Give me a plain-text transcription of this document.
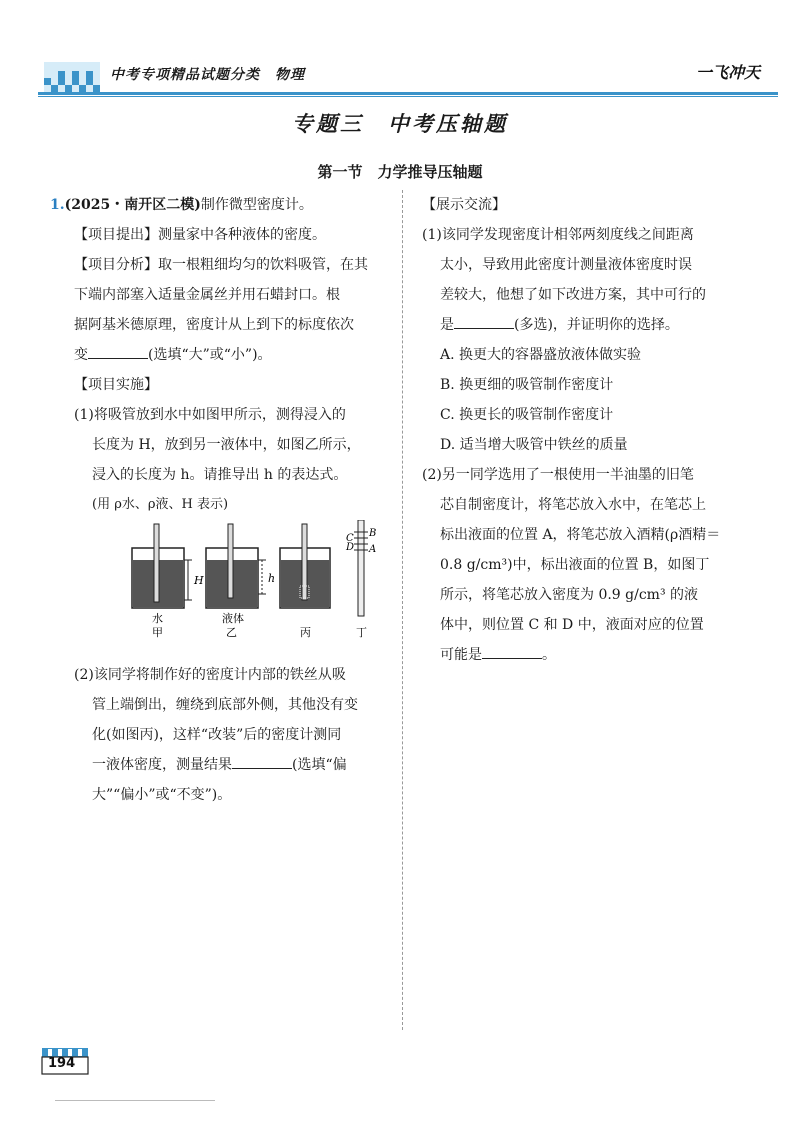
中考专项精品试题分类　物理	一飞冲天
专题三　中考压轴题
第一节　力学推导压轴题

1.(2025・南开区二模)制作微型密度计。

【项目提出】测量家中各种液体的密度。

【项目分析】取一根粗细均匀的饮料吸管，在其

下端内部塞入适量金属丝并用石蜡封口。根

据阿基米德原理，密度计从上到下的标度依次

变	(选填“大”或“小”)。

【项目实施】

(1)将吸管放到水中如图甲所示，测得浸入的

长度为 H，放到另一液体中，如图乙所示，

浸入的长度为 h。请推导出 h 的表达式。

(用 ρ水、ρ液、H 表示)

H
水
甲
h
液体
乙	丙
B
C
D A
丁

(2)该同学将制作好的密度计内部的铁丝从吸

管上端倒出，缠绕到底部外侧，其他没有变

化(如图丙)，这样“改装”后的密度计测同

一液体密度，测量结果	(选填“偏

大”“偏小”或“不变”)。

【展示交流】

(1)该同学发现密度计相邻两刻度线之间距离

太小，导致用此密度计测量液体密度时误

差较大，他想了如下改进方案，其中可行的

是	(多选)，并证明你的选择。

A. 换更大的容器盛放液体做实验

B. 换更细的吸管制作密度计

C. 换更长的吸管制作密度计

D. 适当增大吸管中铁丝的质量

(2)另一同学选用了一根使用一半油墨的旧笔

芯自制密度计，将笔芯放入水中，在笔芯上

标出液面的位置 A，将笔芯放入酒精(ρ酒精＝

0.8 g/cm³)中，标出液面的位置 B，如图丁

所示，将笔芯放入密度为 0.9 g/cm³ 的液

体中，则位置 C 和 D 中，液面对应的位置

可能是	。

194
